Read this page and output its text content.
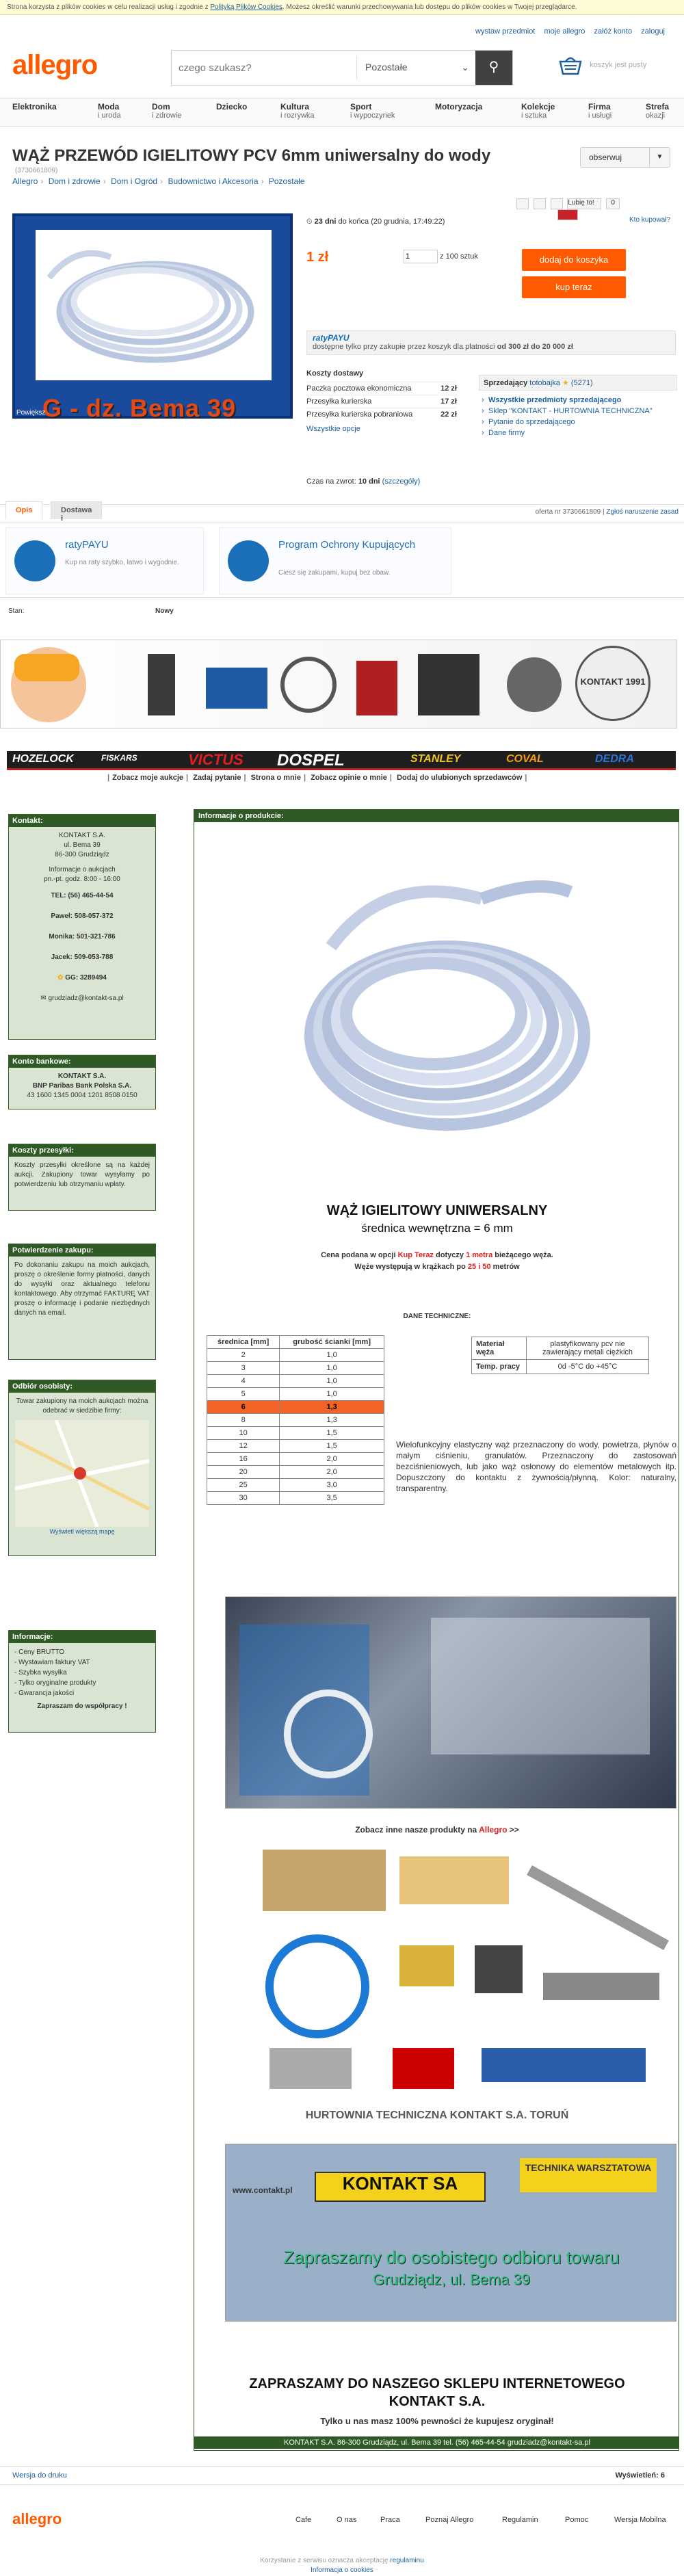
Strona korzysta z plików cookies w celu realizacji usług i zgodnie z Polityką Plików Cookies. Możesz określić warunki przechowywania lub dostępu do plików cookies w Twojej przeglądarce.
wystaw przedmiot moje allegro załóż konto zaloguj
allegro
czego szukasz?	Pozostałe	⌄	⚲	koszyk jest pusty
Elektronika	Moda
i uroda
Dom
i zdrowie
Dziecko	Kultura
i rozrywka
Sport
i wypoczynek
Motoryzacja	Kolekcje
i sztuka
Firma
i usługi
Strefa
okazji
WĄŻ PRZEWÓD IGIELITOWY PCV 6mm uniwersalny do wody
(3730661809)
Allegro › Dom i zdrowie › Dom i Ogród › Budownictwo i Akcesoria › Pozostałe
obserwuj	▼
G - dz. Bema 39
Powiększ
⏲ 23 dni do końca (20 grudnia, 17:49:22)
Lubię to! 0
Kto kupował?
1 zł
1	z 100 sztuk	dodaj do koszyka
kup teraz
ratyPAYU
dostępne tylko przy zakupie przez koszyk dla płatności od 300 zł do 20 000 zł
Koszty dostawy
Paczka pocztowa ekonomiczna	12 zł
Przesyłka kurierska	17 zł
Przesyłka kurierska pobraniowa	22 zł
Wszystkie opcje
Sprzedający totobajka ★ (5271)
› Wszystkie przedmioty sprzedającego
› Sklep "KONTAKT - HURTOWNIA TECHNICZNA"
› Pytanie do sprzedającego
› Dane firmy
Czas na zwrot: 10 dni (szczegóły)
oferta nr 3730661809 | Zgłoś naruszenie zasad
Opis	Dostawa i
ratyPAYU
Kup na raty szybko, łatwo i wygodnie.
Program Ochrony Kupujących
Ciesz się zakupami, kupuj bez obaw.
Stan:	Nowy
KONTAKT 1991
HOZELOCK	FISKARS	VICTUS DOSPEL	STANLEY	COVAL	DEDRA
| Zobacz moje aukcje | Zadaj pytanie | Strona o mnie | Zobacz opinie o mnie | Dodaj do ulubionych sprzedawców |
Kontakt:
KONTAKT S.A.
ul. Bema 39
86-300 Grudziądz
Informacje o aukcjach
pn.-pt. godz. 8:00 - 16:00
TEL: (56) 465-44-54
Paweł: 508-057-372
Monika: 501-321-786
Jacek: 509-053-788
✿ GG: 3289494
✉ grudziadz@kontakt-sa.pl
Konto bankowe:
KONTAKT S.A.
BNP Paribas Bank Polska S.A.
43 1600 1345 0004 1201 8508 0150
Koszty przesyłki:
Koszty przesyłki określone są na każdej aukcji. Zakupiony towar wysyłamy po potwierdzeniu lub otrzymaniu wpłaty.
Potwierdzenie zakupu:
Po dokonaniu zakupu na moich aukcjach, proszę o określenie formy płatności, danych do wysyłki oraz aktualnego telefonu kontaktowego. Aby otrzymać FAKTURĘ VAT proszę o informację i podanie niezbędnych danych na email.
Odbiór osobisty:
Towar zakupiony na moich aukcjach można odebrać w siedzibie firmy:
Wyświetl większą mapę
Informacje:
- Ceny BRUTTO
- Wystawiam faktury VAT
- Szybka wysyłka
- Tylko oryginalne produkty
- Gwarancja jakości
Zapraszam do współpracy !
Informacje o produkcie:
WĄŻ IGIELITOWY UNIWERSALNY
średnica wewnętrzna = 6 mm
Cena podana w opcji Kup Teraz dotyczy 1 metra bieżącego węża.
Węże występują w krążkach po 25 i 50 metrów
DANE TECHNICZNE:
średnica [mm]	grubość ścianki [mm]
2	1,0
3	1,0
4	1,0
5	1,0
6	1,3
8	1,3
10	1,5
12	1,5
16	2,0
20	2,0
25	3,0
30	3,5
Materiał węża	plastyfikowany pcv nie zawierający metali ciężkich
Temp. pracy	0d -5°C do +45°C
Wielofunkcyjny elastyczny wąż przeznaczony do wody, powietrza, płynów o małym ciśnieniu, granulatów. Przeznaczony do zastosowań bezciśnieniowych, lub jako wąż osłonowy do elementów metalowych itp. Dopuszczony do kontaktu z żywnością/płynną. Kolor: naturalny, transparentny.
Zobacz inne nasze produkty na Allegro >>
HURTOWNIA TECHNICZNA KONTAKT S.A. TORUŃ
KONTAKT SA
TECHNIKA WARSZTATOWA
www.contakt.pl
Zapraszamy do osobistego odbioru towaru
Grudziądz, ul. Bema 39
ZAPRASZAMY DO NASZEGO SKLEPU INTERNETOWEGO
KONTAKT S.A.
Tylko u nas masz 100% pewności że kupujesz oryginał!
KONTAKT S.A. 86-300 Grudziądz, ul. Bema 39 tel. (56) 465-44-54 grudziadz@kontakt-sa.pl
Wersja do druku	Wyświetleń: 6
allegro	Cafe	O nas	Praca	Poznaj Allegro	Regulamin	Pomoc	Wersja Mobilna
Korzystanie z serwisu oznacza akceptację regulaminu
Informacja o cookies
